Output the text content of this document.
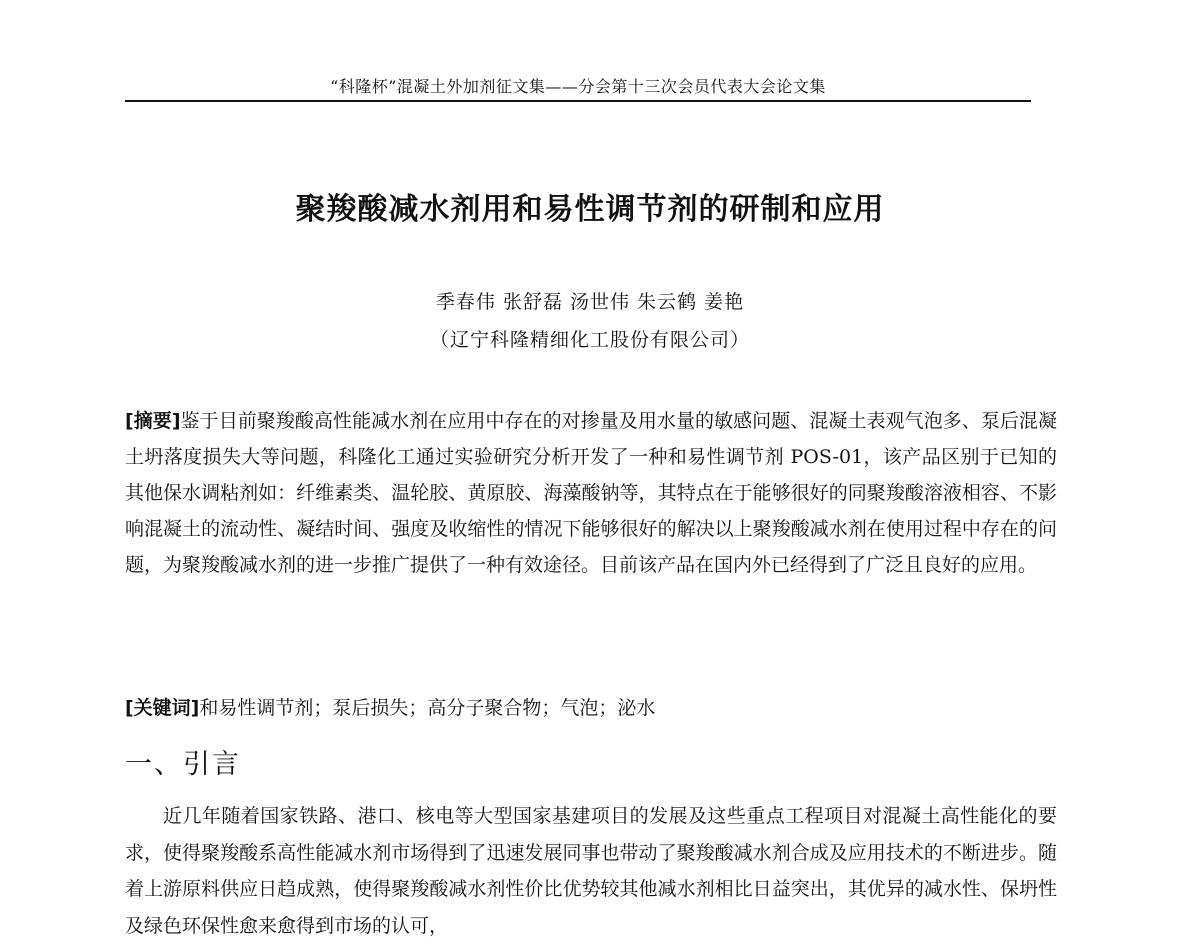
“科隆杯”混凝土外加剂征文集——分会第十三次会员代表大会论文集
聚羧酸减水剂用和易性调节剂的研制和应用
季春伟 张舒磊 汤世伟 朱云鹤 姜艳
（辽宁科隆精细化工股份有限公司）

[摘要]鉴于目前聚羧酸高性能减水剂在应用中存在的对掺量及用水量的敏感问题、混凝土表观气泡多、泵后混凝土坍落度损失大等问题，科隆化工通过实验研究分析开发了一种和易性调节剂 POS-01，该产品区别于已知的其他保水调粘剂如：纤维素类、温轮胶、黄原胶、海藻酸钠等，其特点在于能够很好的同聚羧酸溶液相容、不影响混凝土的流动性、凝结时间、强度及收缩性的情况下能够很好的解决以上聚羧酸减水剂在使用过程中存在的问题，为聚羧酸减水剂的进一步推广提供了一种有效途径。目前该产品在国内外已经得到了广泛且良好的应用。

[关键词]和易性调节剂；泵后损失；高分子聚合物；气泡；泌水
一、引言

近几年随着国家铁路、港口、核电等大型国家基建项目的发展及这些重点工程项目对混凝土高性能化的要求，使得聚羧酸系高性能减水剂市场得到了迅速发展同事也带动了聚羧酸减水剂合成及应用技术的不断进步。随着上游原料供应日趋成熟，使得聚羧酸减水剂性价比优势较其他减水剂相比日益突出，其优异的减水性、保坍性及绿色环保性愈来愈得到市场的认可，
